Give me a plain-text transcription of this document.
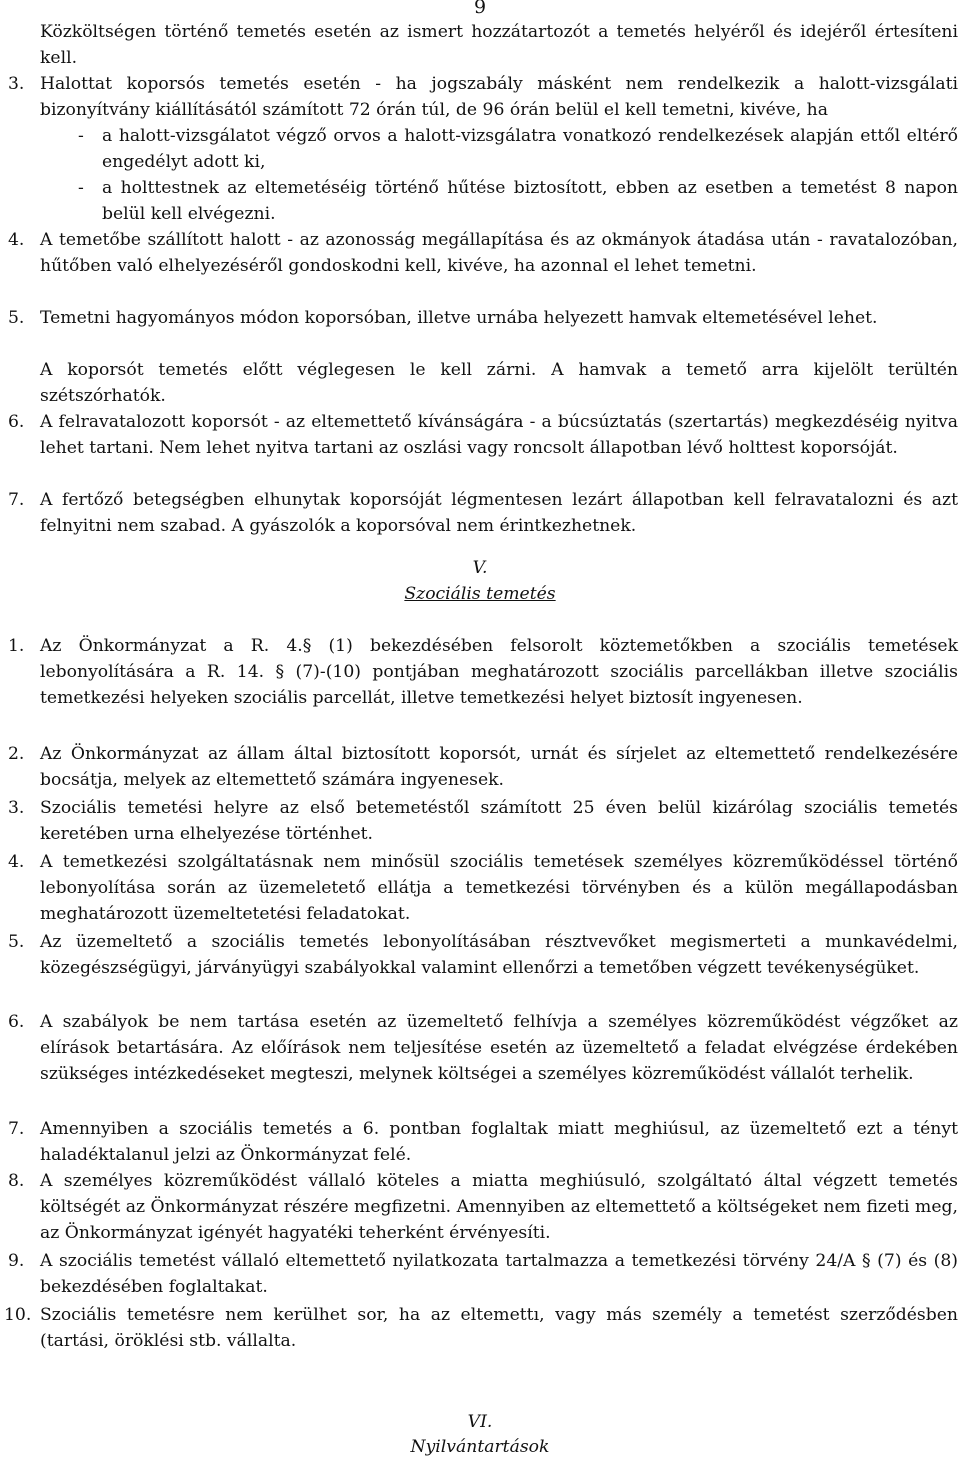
9
Közköltségen történő temetés esetén az ismert hozzátartozót a temetés helyéről és idejéről értesíteni kell.
3. Halottat koporsós temetés esetén - ha jogszabály másként nem rendelkezik a halott-vizsgálati bizonyítvány kiállításától számított 72 órán túl, de 96 órán belül el kell temetni, kivéve, ha
- a halott-vizsgálatot végző orvos a halott-vizsgálatra vonatkozó rendelkezések alapján ettől eltérő engedélyt adott ki,
- a holttestnek az eltemetéséig történő hűtése biztosított, ebben az esetben a temetést 8 napon belül kell elvégezni.
4. A temetőbe szállított halott - az azonosság megállapítása és az okmányok átadása után - ravatalozóban, hűtőben való elhelyezéséről gondoskodni kell, kivéve, ha azonnal el lehet temetni.
5. Temetni hagyományos módon koporsóban, illetve urnába helyezett hamvak eltemetésével lehet.
A koporsót temetés előtt véglegesen le kell zárni. A hamvak a temető arra kijelölt terültén szétszórhatók.
6. A felravatalozott koporsót - az eltemettető kívánságára - a búcsúztatás (szertartás) megkezdéséig nyitva lehet tartani. Nem lehet nyitva tartani az oszlási vagy roncsolt állapotban lévő holttest koporsóját.
7. A fertőző betegségben elhunytak koporsóját légmentesen lezárt állapotban kell felravatalozni és azt felnyitni nem szabad. A gyászolók a koporsóval nem érintkezhetnek.
V.
Szociális temetés
1. Az Önkormányzat a R. 4.§ (1) bekezdésében felsorolt köztemetőkben a szociális temetések lebonyolítására a R. 14. § (7)-(10) pontjában meghatározott szociális parcellákban illetve szociális temetkezési helyeken szociális parcellát, illetve temetkezési helyet biztosít ingyenesen.
2. Az Önkormányzat az állam által biztosított koporsót, urnát és sírjelet az eltemettető rendelkezésére bocsátja, melyek az eltemettető számára ingyenesek.
3. Szociális temetési helyre az első betemetéstől számított 25 éven belül kizárólag szociális temetés keretében urna elhelyezése történhet.
4. A temetkezési szolgáltatásnak nem minősül szociális temetések személyes közreműködéssel történő lebonyolítása során az üzemeletető ellátja a temetkezési törvényben és a külön megállapodásban meghatározott üzemeltetetési feladatokat.
5. Az üzemeltető a szociális temetés lebonyolításában résztvevőket megismerteti a munkavédelmi, közegészségügyi, járványügyi szabályokkal valamint ellenőrzi a temetőben végzett tevékenységüket.
6. A szabályok be nem tartása esetén az üzemeltető felhívja a személyes közreműködést végzőket az elírások betartására. Az előírások nem teljesítése esetén az üzemeltető a feladat elvégzése érdekében szükséges intézkedéseket megteszi, melynek költségei a személyes közreműködést vállalót terhelik.
7. Amennyiben a szociális temetés a 6. pontban foglaltak miatt meghiúsul, az üzemeltető ezt a tényt haladéktalanul jelzi az Önkormányzat felé.
8. A személyes közreműködést vállaló köteles a miatta meghiúsuló, szolgáltató által végzett temetés költségét az Önkormányzat részére megfizetni. Amennyiben az eltemettető a költségeket nem fizeti meg, az Önkormányzat igényét hagyatéki teherként érvényesíti.
9. A szociális temetést vállaló eltemettető nyilatkozata tartalmazza a temetkezési törvény 24/A § (7) és (8) bekezdésében foglaltakat.
10. Szociális temetésre nem kerülhet sor, ha az eltemettı, vagy más személy a temetést szerződésben (tartási, öröklési stb. vállalta.
VI.
Nyilvántartások
